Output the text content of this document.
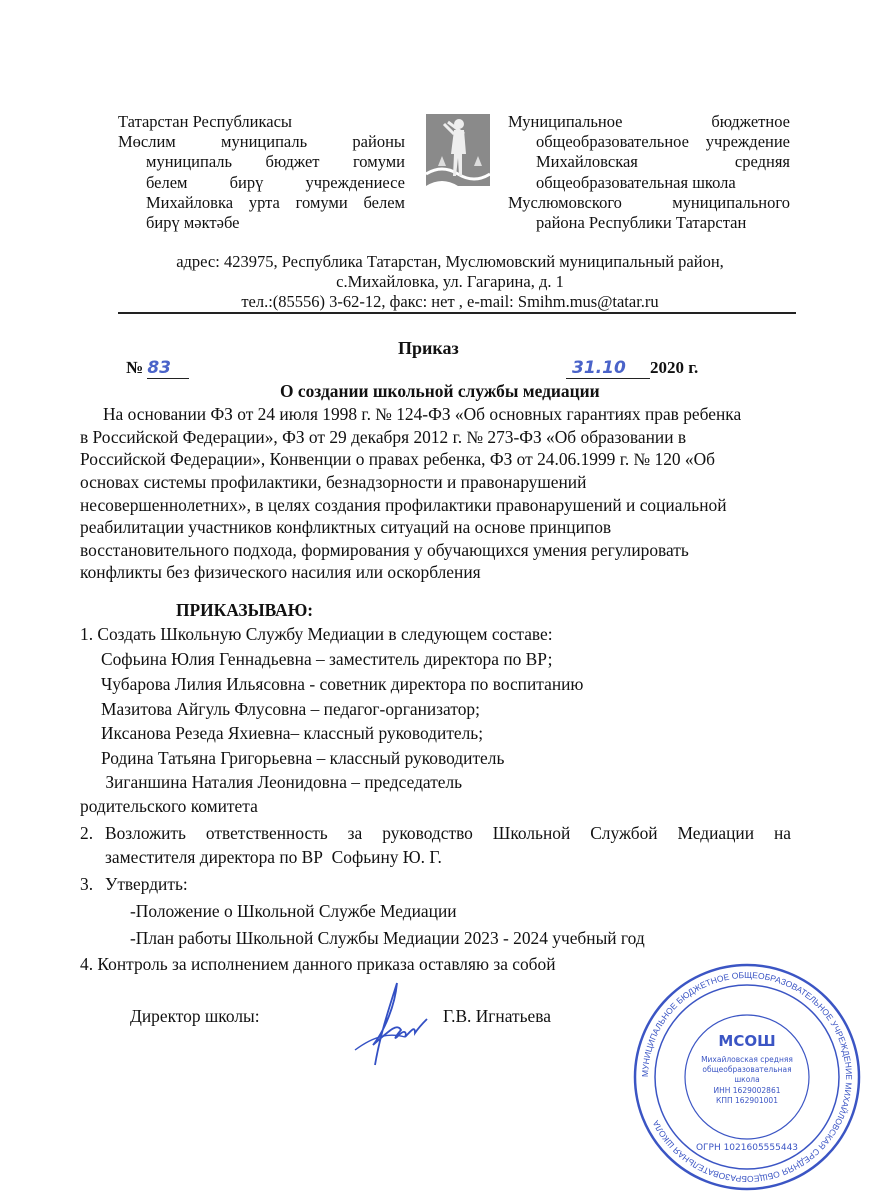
Татарстан Республикасы
Мөслим муниципаль районы
муниципаль бюджет гомуми
белем бирү учреждениесе
Михайловка урта гомуми белем
бирү мәктәбе
Муниципальное бюджетное
общеобразовательное учреждение
Михайловская средняя
общеобразовательная школа
Муслюмовского муниципального
района Республики Татарстан
адрес: 423975, Республика Татарстан, Муслюмовский муниципальный район,
с.Михайловка, ул. Гагарина, д. 1
тел.:(85556) 3-62-12, факс: нет , e-mail: Smihm.mus@tatar.ru
Приказ
№ 83	31.10 2020 г.
О создании школьной службы медиации
На основании ФЗ от 24 июля 1998 г. № 124-ФЗ «Об основных гарантиях прав ребенка
в Российской Федерации», ФЗ от 29 декабря 2012 г. № 273-ФЗ «Об образовании в
Российской Федерации», Конвенции о правах ребенка, ФЗ от 24.06.1999 г. № 120 «Об
основах системы профилактики, безнадзорности и правонарушений
несовершеннолетних», в целях создания профилактики правонарушений и социальной
реабилитации участников конфликтных ситуаций на основе принципов
восстановительного подхода, формирования у обучающихся умения регулировать
конфликты без физического насилия или оскорбления
ПРИКАЗЫВАЮ:
1. Создать Школьную Службу Медиации в следующем составе:
Софьина Юлия Геннадьевна – заместитель директора по ВР;
Чубарова Лилия Ильясовна - советник директора по воспитанию
Мазитова Айгуль Флусовна – педагог-организатор;
Иксанова Резеда Яхиевна– классный руководитель;
Родина Татьяна Григорьевна – классный руководитель
Зиганшина Наталия Леонидовна – председатель
родительского комитета
2. Возложить ответственность за руководство Школьной Службой Медиации на
заместителя директора по ВР  Софьину Ю. Г.
3. Утвердить:
-Положение о Школьной Службе Медиации
-План работы Школьной Службы Медиации 2023 - 2024 учебный год
4. Контроль за исполнением данного приказа оставляю за собой
Директор школы:	Г.В. Игнатьева
МУНИЦИПАЛЬНОЕ БЮДЖЕТНОЕ ОБЩЕОБРАЗОВАТЕЛЬНОЕ УЧРЕЖДЕНИЕ МИХАЙЛОВСКАЯ СРЕДНЯЯ ОБЩЕОБРАЗОВАТЕЛЬНАЯ ШКОЛА
МСОШ
Михайловская средняя
общеобразовательная
школа
ИНН 1629002861
КПП 162901001
ОГРН 1021605555443
